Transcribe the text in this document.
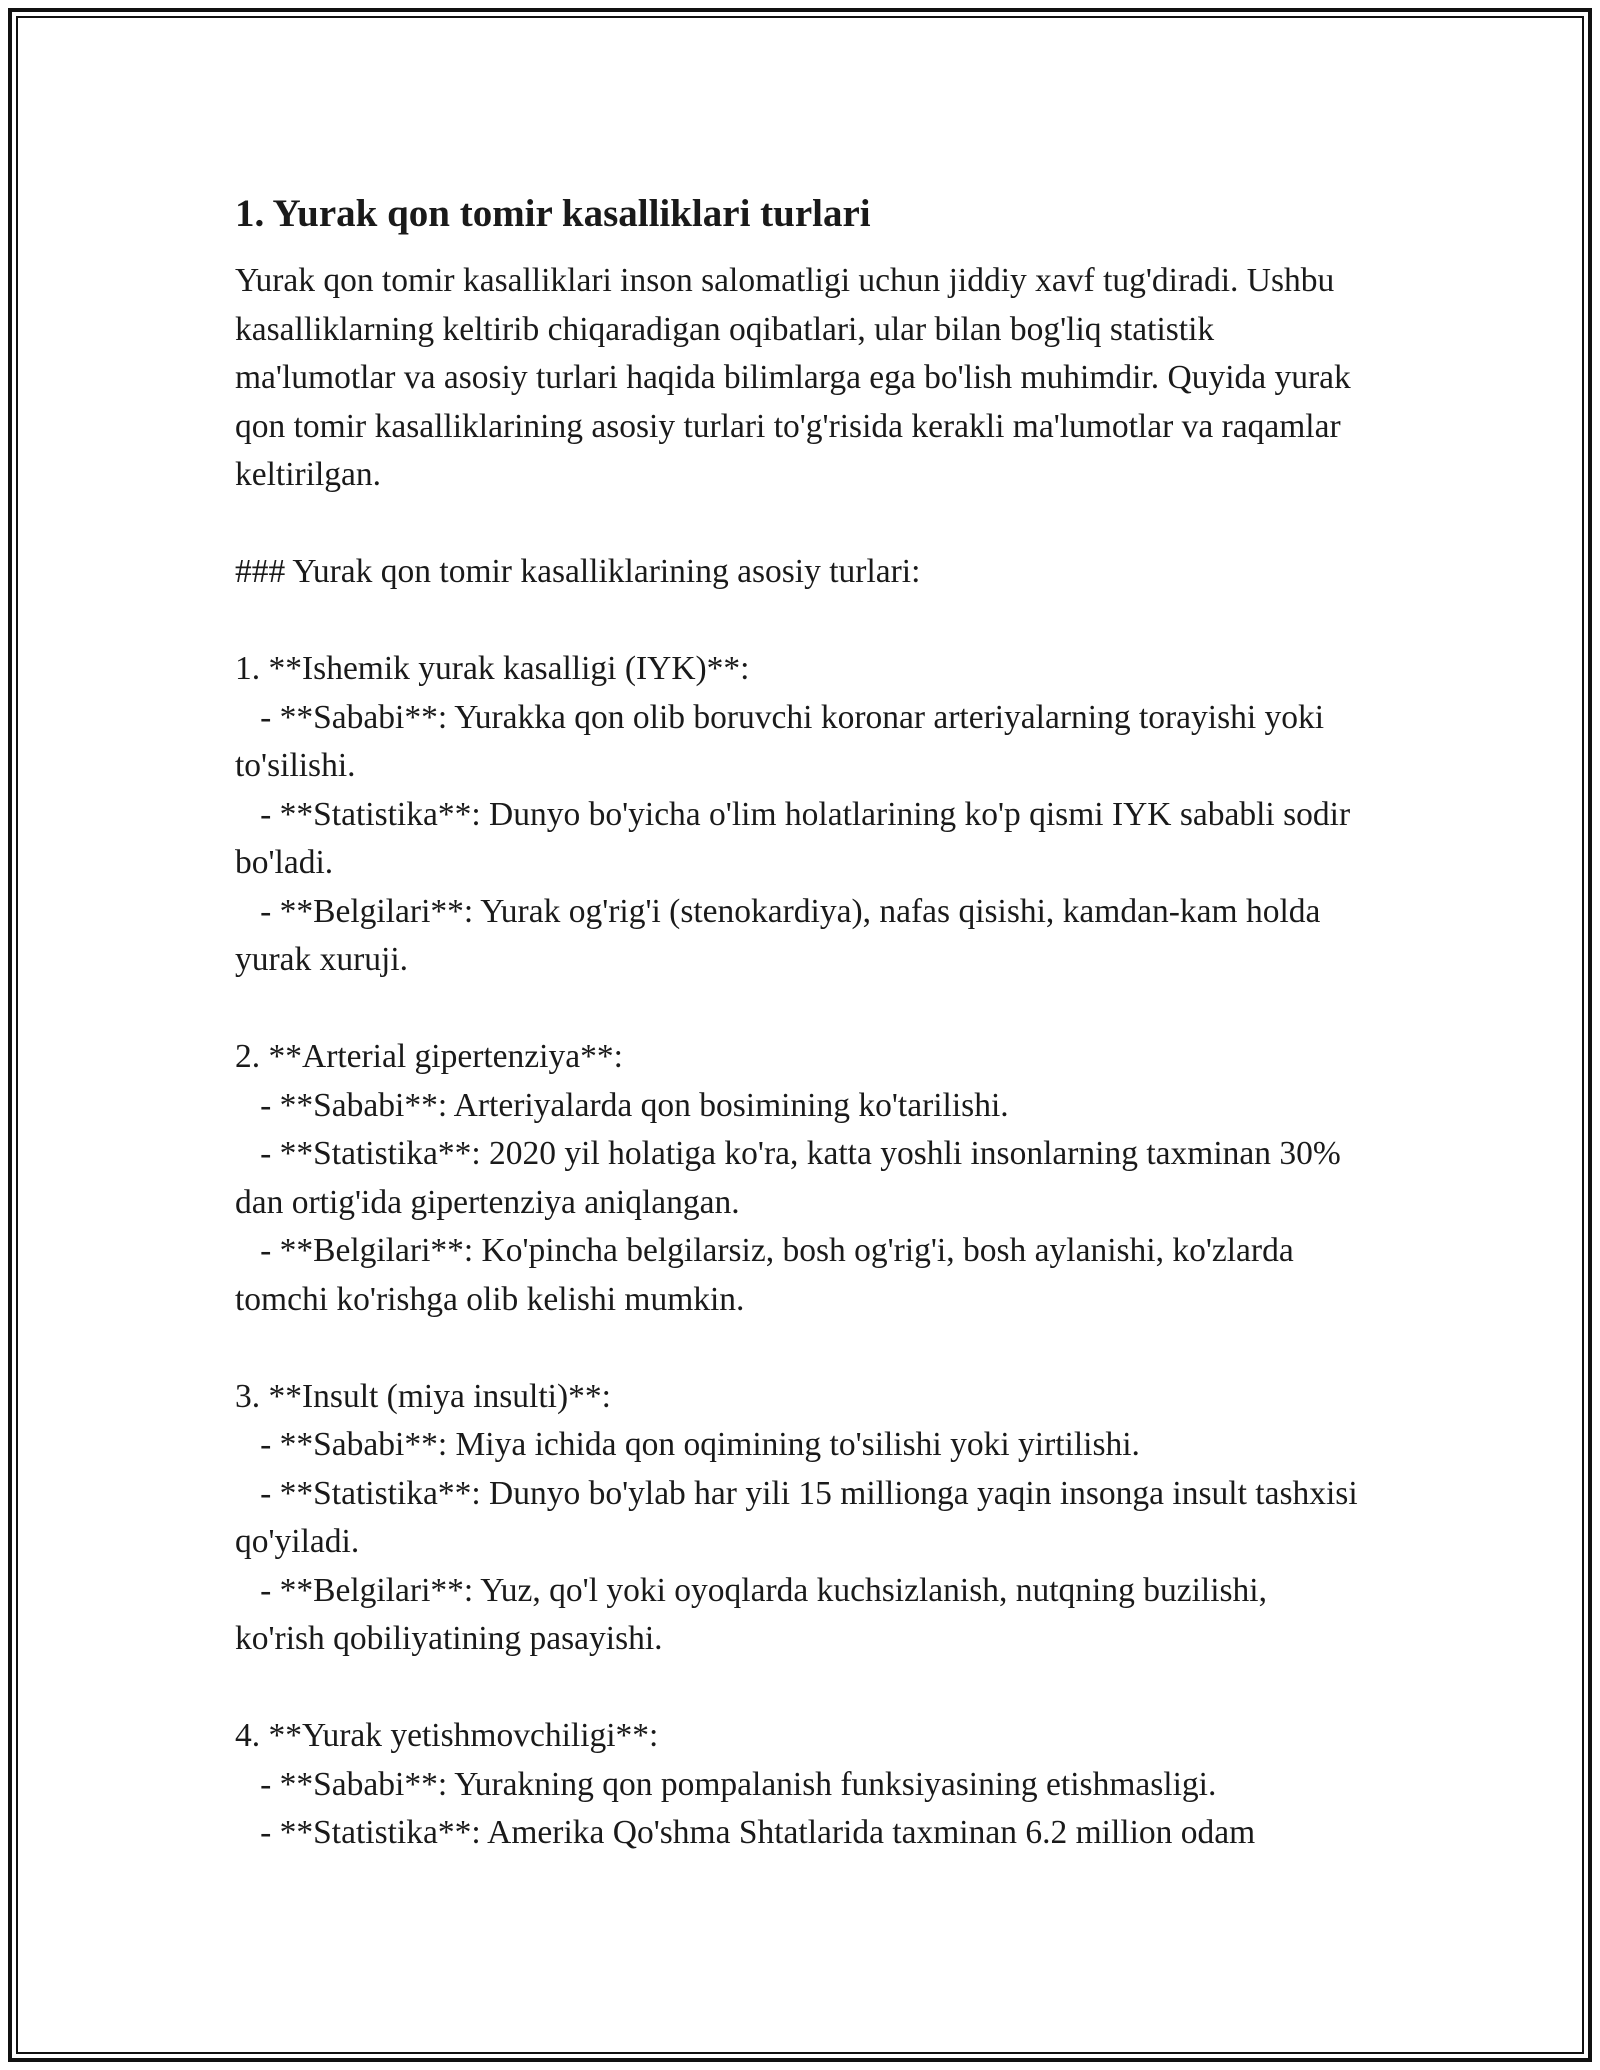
1. Yurak qon tomir kasalliklari turlari

Yurak qon tomir kasalliklari inson salomatligi uchun jiddiy xavf tug'diradi. Ushbu kasalliklarning keltirib chiqaradigan oqibatlari, ular bilan bog'liq statistik ma'lumotlar va asosiy turlari haqida bilimlarga ega bo'lish muhimdir. Quyida yurak qon tomir kasalliklarining asosiy turlari to'g'risida kerakli ma'lumotlar va raqamlar keltirilgan.

### Yurak qon tomir kasalliklarining asosiy turlari:

1. **Ishemik yurak kasalligi (IYK)**:

- **Sababi**: Yurakka qon olib boruvchi koronar arteriyalarning torayishi yoki to'silishi.

- **Statistika**: Dunyo bo'yicha o'lim holatlarining ko'p qismi IYK sababli sodir bo'ladi.

- **Belgilari**: Yurak og'rig'i (stenokardiya), nafas qisishi, kamdan-kam holda yurak xuruji.

2. **Arterial gipertenziya**:

- **Sababi**: Arteriyalarda qon bosimining ko'tarilishi.

- **Statistika**: 2020 yil holatiga ko'ra, katta yoshli insonlarning taxminan 30% dan ortig'ida gipertenziya aniqlangan.

- **Belgilari**: Ko'pincha belgilarsiz, bosh og'rig'i, bosh aylanishi, ko'zlarda tomchi ko'rishga olib kelishi mumkin.

3. **Insult (miya insulti)**:

- **Sababi**: Miya ichida qon oqimining to'silishi yoki yirtilishi.

- **Statistika**: Dunyo bo'ylab har yili 15 millionga yaqin insonga insult tashxisi qo'yiladi.

- **Belgilari**: Yuz, qo'l yoki oyoqlarda kuchsizlanish, nutqning buzilishi, ko'rish qobiliyatining pasayishi.

4. **Yurak yetishmovchiligi**:

- **Sababi**: Yurakning qon pompalanish funksiyasining etishmasligi.

- **Statistika**: Amerika Qo'shma Shtatlarida taxminan 6.2 million odam
